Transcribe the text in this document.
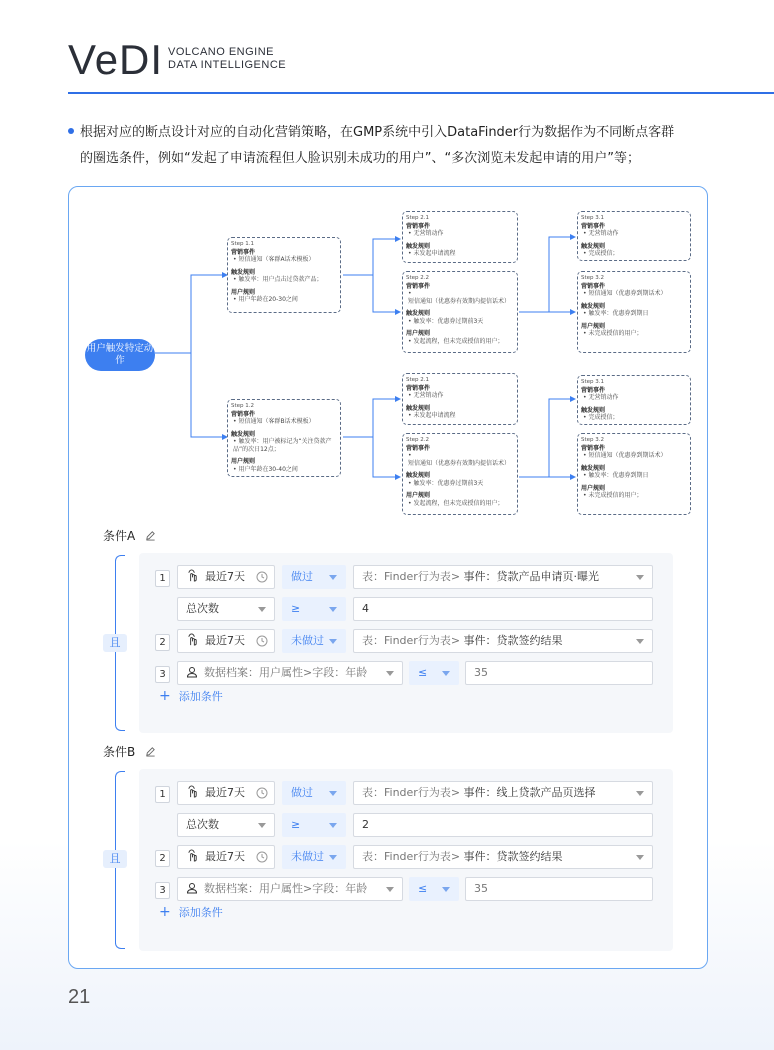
VeDI VOLCANO ENGINE
DATA INTELLIGENCE

根据对应的断点设计对应的自动化营销策略，在GMP系统中引入DataFinder行为数据作为不同断点客群
的圈选条件，例如“发起了申请流程但人脸识别未成功的用户”、“多次浏览未发起申请的用户”等；

用户触发特定动作
Step 1.1
营销事件
• 短信通知（客群A话术模板）
触发规则
• 触发率：用户点击过贷款产品；
用户规则
• 用户年龄在20-30之间
Step 2.1
营销事件
• 无营销动作
触发规则
• 未发起申请流程
Step 2.2
营销事件
• 短信通知（优惠券有效期内提信话术）
触发规则
• 触发率：优惠券过期前3天
用户规则
• 发起流程，但未完成授信的用户；
Step 3.1
营销事件
• 无营销动作
触发规则
• 完成授信；
Step 3.2
营销事件
• 短信通知（优惠券到期话术）
触发规则
• 触发率：优惠券到期日
用户规则
• 未完成授信的用户；
Step 1.2
营销事件
• 短信通知（客群B话术模板）
触发规则
• 触发率：用户被标记为“关注贷款产品”的次日12点；
用户规则
• 用户年龄在30-40之间
Step 2.1
营销事件
• 无营销动作
触发规则
• 未发起申请流程
Step 2.2
营销事件
• 短信通知（优惠券有效期内提信话术）
触发规则
• 触发率：优惠券过期前3天
用户规则
• 发起流程，但未完成授信的用户；
Step 3.1
营销事件
• 无营销动作
触发规则
• 完成授信；
Step 3.2
营销事件
• 短信通知（优惠券到期话术）
触发规则
• 触发率：优惠券到期日
用户规则
• 未完成授信的用户；
条件A
且
1	最近7天	做过	表：Finder行为表> 事件：贷款产品申请页·曝光
总次数	≥	4
2	最近7天	未做过	表：Finder行为表> 事件：贷款签约结果
3	数据档案：用户属性>字段：年龄	≤	35
+ 添加条件
条件B
且
1	最近7天	做过	表：Finder行为表> 事件：线上贷款产品页选择
总次数	≥	2
2	最近7天	未做过	表：Finder行为表> 事件：贷款签约结果
3	数据档案：用户属性>字段：年龄	≤	35
+ 添加条件
21
